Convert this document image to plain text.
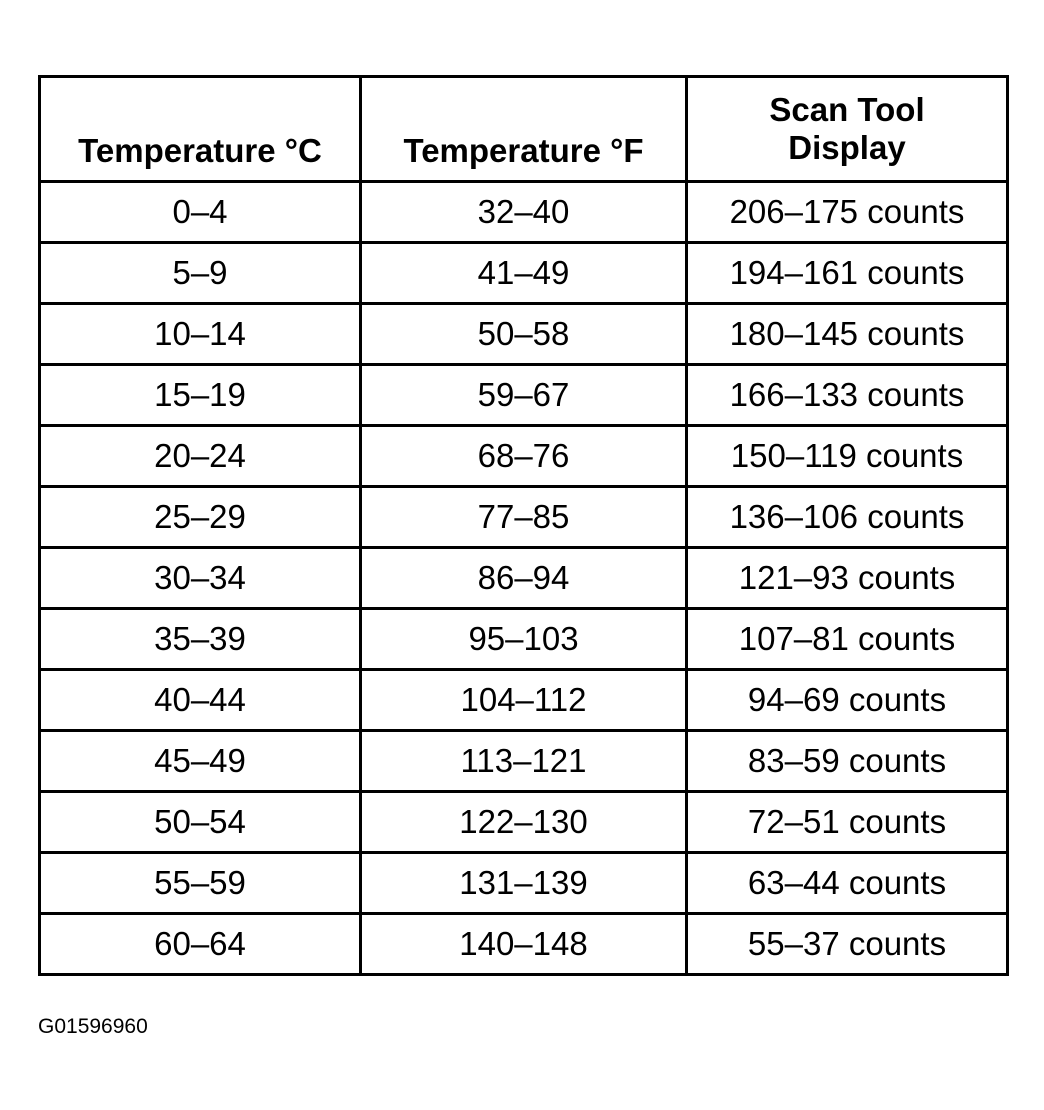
Temperature °C	Temperature °F	Scan Tool
Display

0–4	32–40	206–175 counts
5–9	41–49	194–161 counts
10–14	50–58	180–145 counts
15–19	59–67	166–133 counts
20–24	68–76	150–119 counts
25–29	77–85	136–106 counts
30–34	86–94	121–93 counts
35–39	95–103	107–81 counts
40–44	104–112	94–69 counts
45–49	113–121	83–59 counts
50–54	122–130	72–51 counts
55–59	131–139	63–44 counts
60–64	140–148	55–37 counts
G01596960
